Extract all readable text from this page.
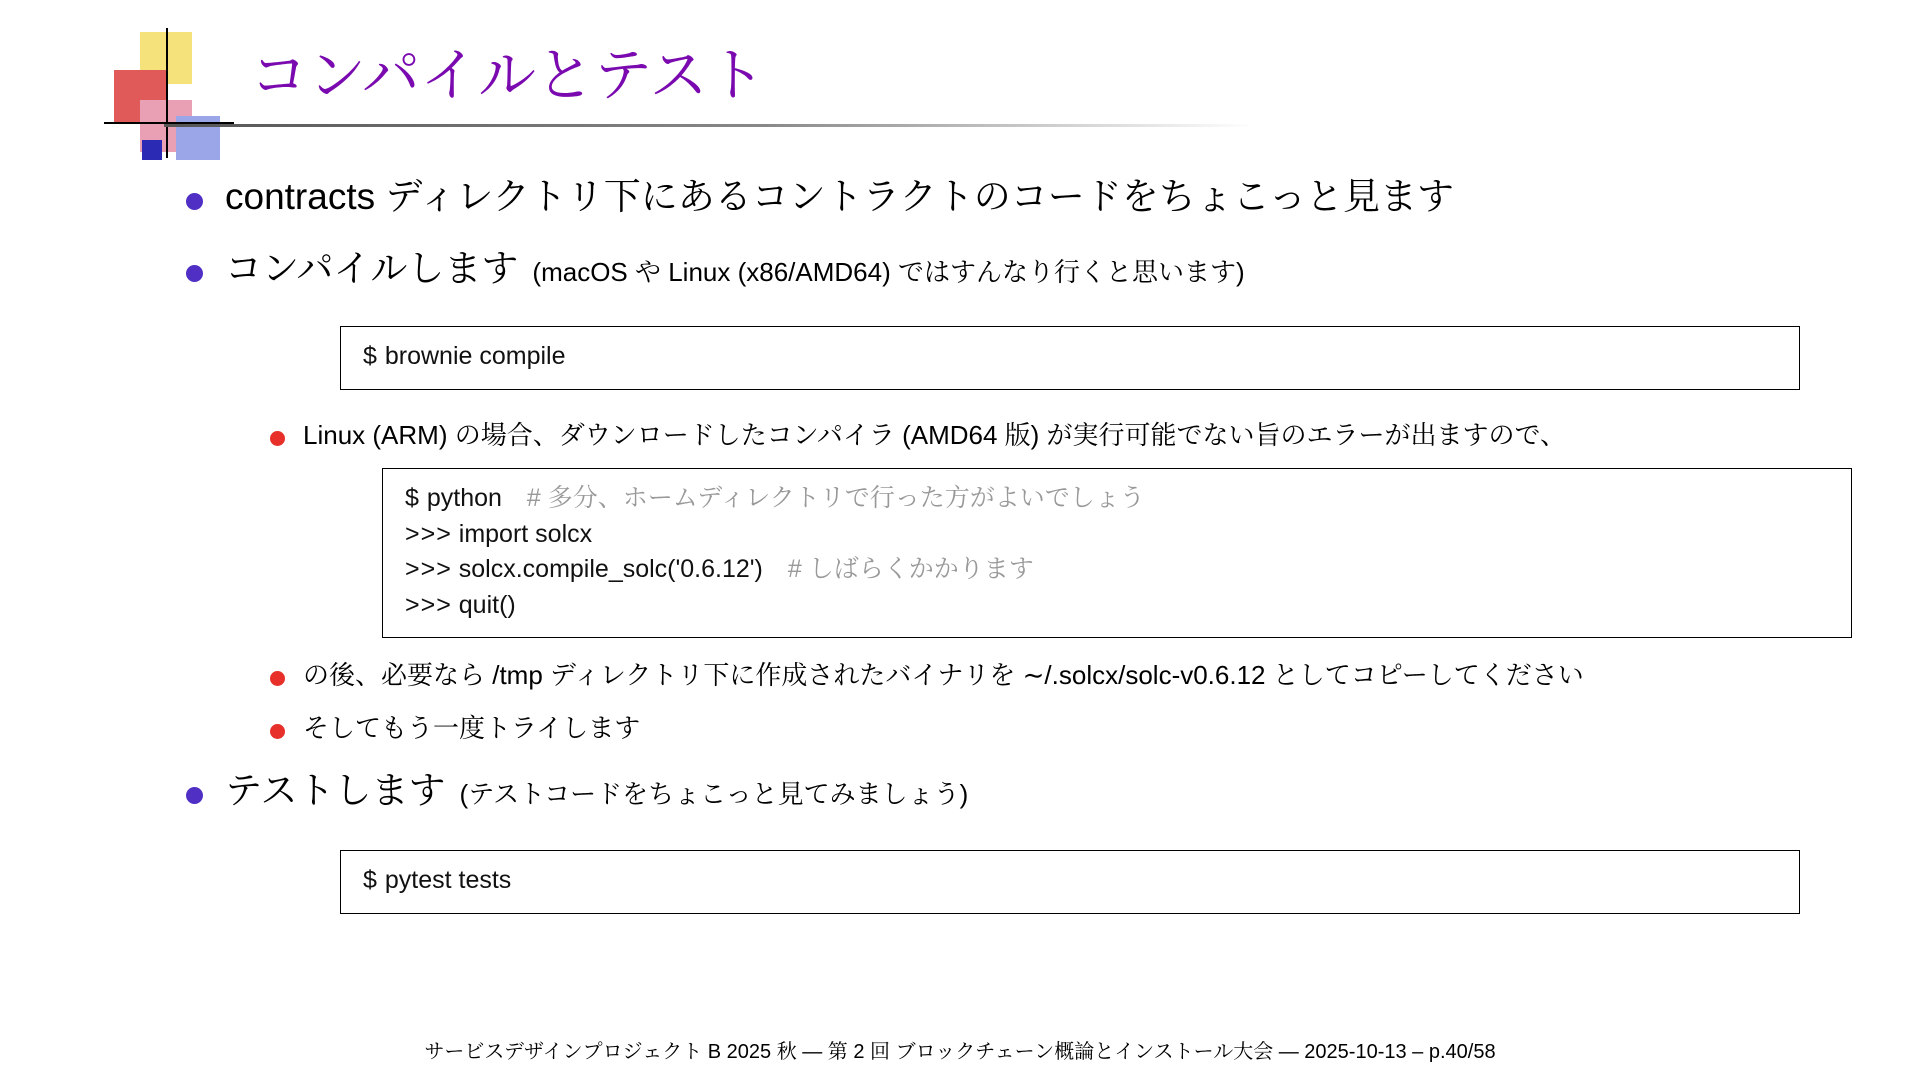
コンパイルとテスト
contracts ディレクトリ下にあるコントラクトのコードをちょこっと見ます
コンパイルします (macOS や Linux (x86/AMD64) ではすんなり行くと思います)
$ brownie compile
Linux (ARM) の場合、ダウンロードしたコンパイラ (AMD64 版) が実行可能でない旨のエラーが出ますので、
$ python # 多分、ホームディレクトリで行った方がよいでしょう
>>> import solcx
>>> solcx.compile_solc('0.6.12') # しばらくかかります
>>> quit()
の後、必要なら /tmp ディレクトリ下に作成されたバイナリを ∼/.solcx/solc-v0.6.12 としてコピーしてください
そしてもう一度トライします
テストします (テストコードをちょこっと見てみましょう)
$ pytest tests
サービスデザインプロジェクト B 2025 秋 — 第 2 回 ブロックチェーン概論とインストール大会 — 2025-10-13 – p.40/58
